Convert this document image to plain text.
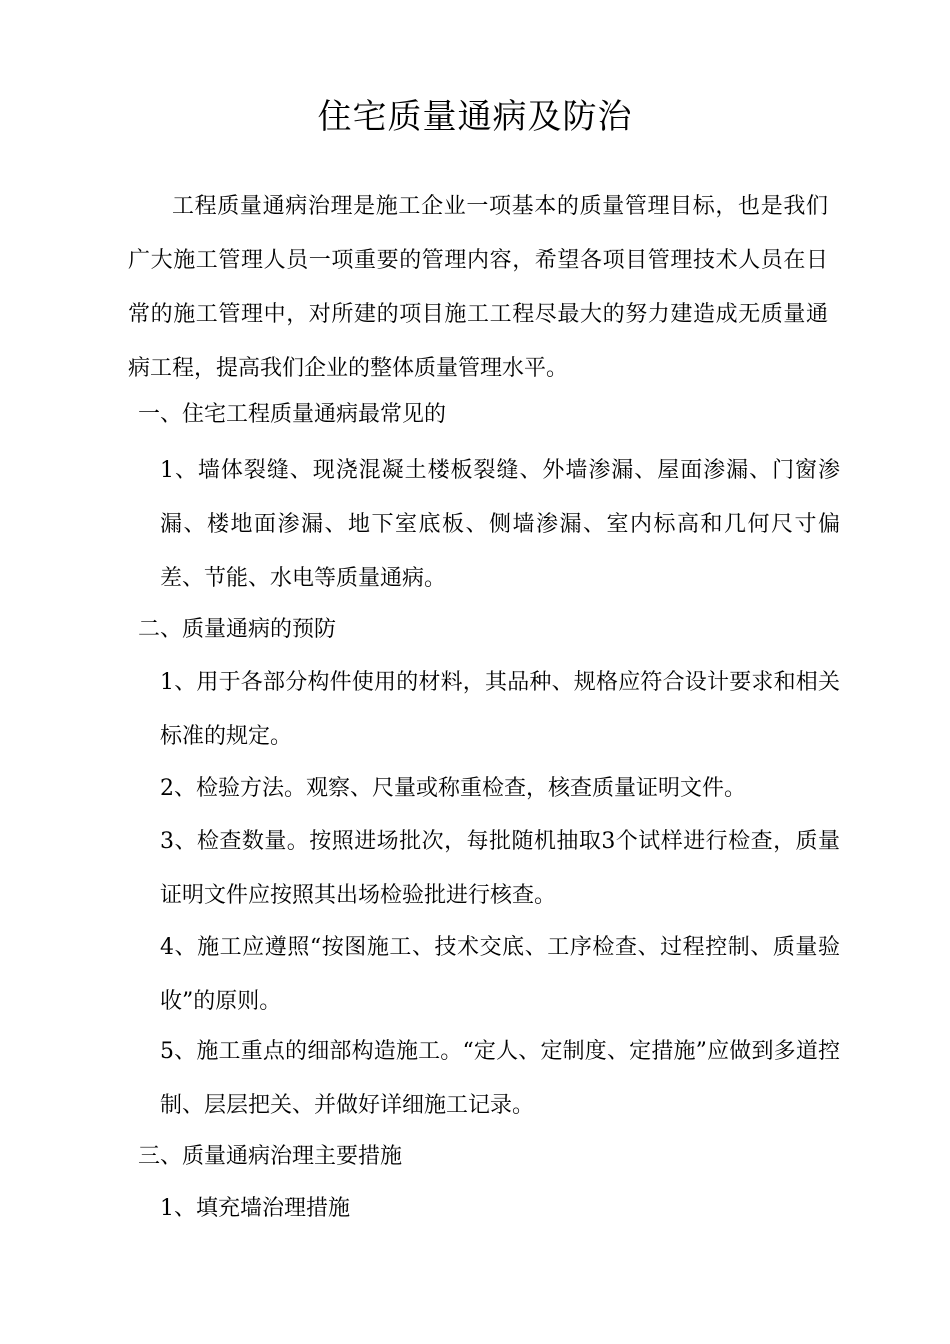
住宅质量通病及防治

工程质量通病治理是施工企业一项基本的质量管理目标，也是我们广大施工管理人员一项重要的管理内容，希望各项目管理技术人员在日常的施工管理中，对所建的项目施工工程尽最大的努力建造成无质量通病工程，提高我们企业的整体质量管理水平。

一、住宅工程质量通病最常见的

1、墙体裂缝、现浇混凝土楼板裂缝、外墙渗漏、屋面渗漏、门窗渗漏、楼地面渗漏、地下室底板、侧墙渗漏、室内标高和几何尺寸偏差、节能、水电等质量通病。

二、质量通病的预防

1、用于各部分构件使用的材料，其品种、规格应符合设计要求和相关标准的规定。

2、检验方法。观察、尺量或称重检查，核查质量证明文件。

3、检查数量。按照进场批次，每批随机抽取3个试样进行检查，质量证明文件应按照其出场检验批进行核查。

4、施工应遵照“按图施工、技术交底、工序检查、过程控制、质量验收”的原则。

5、施工重点的细部构造施工。“定人、定制度、定措施”应做到多道控制、层层把关、并做好详细施工记录。

三、质量通病治理主要措施

1、填充墙治理措施
